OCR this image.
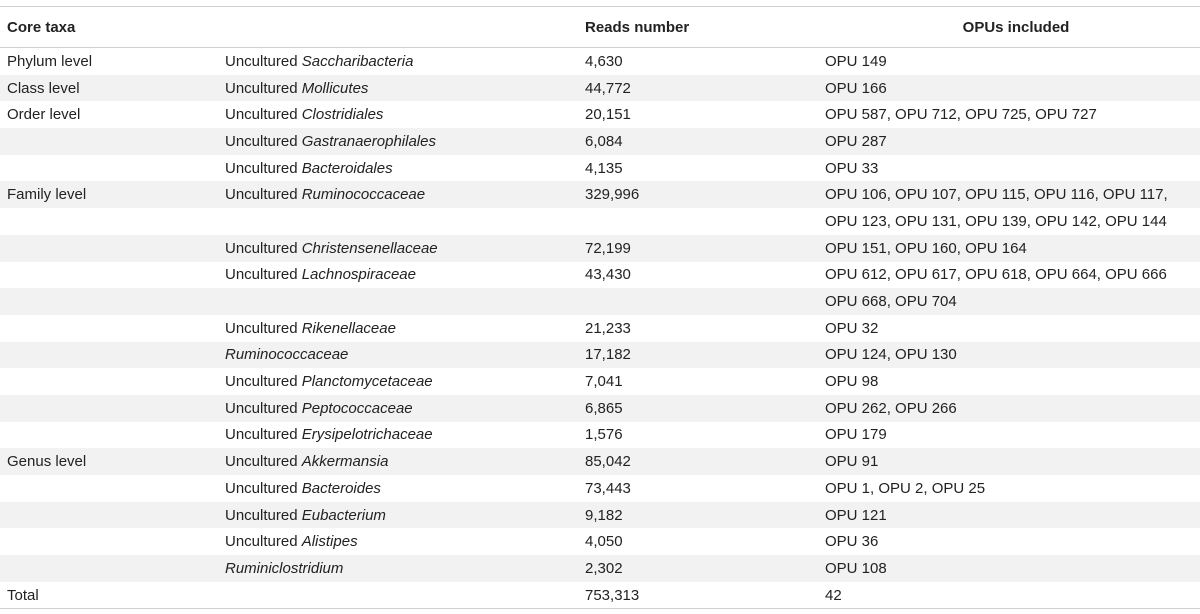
Core taxa		Reads number	OPUs included
Phylum level	Uncultured Saccharibacteria	4,630	OPU 149
Class level	Uncultured Mollicutes	44,772	OPU 166
Order level	Uncultured Clostridiales	20,151	OPU 587, OPU 712, OPU 725, OPU 727
	Uncultured Gastranaerophilales	6,084	OPU 287
	Uncultured Bacteroidales	4,135	OPU 33
Family level	Uncultured Ruminococcaceae	329,996	OPU 106, OPU 107, OPU 115, OPU 116, OPU 117,
			OPU 123, OPU 131, OPU 139, OPU 142, OPU 144
	Uncultured Christensenellaceae	72,199	OPU 151, OPU 160, OPU 164
	Uncultured Lachnospiraceae	43,430	OPU 612, OPU 617, OPU 618, OPU 664, OPU 666
			OPU 668, OPU 704
	Uncultured Rikenellaceae	21,233	OPU 32
	Ruminococcaceae	17,182	OPU 124, OPU 130
	Uncultured Planctomycetaceae	7,041	OPU 98
	Uncultured Peptococcaceae	6,865	OPU 262, OPU 266
	Uncultured Erysipelotrichaceae	1,576	OPU 179
Genus level	Uncultured Akkermansia	85,042	OPU 91
	Uncultured Bacteroides	73,443	OPU 1, OPU 2, OPU 25
	Uncultured Eubacterium	9,182	OPU 121
	Uncultured Alistipes	4,050	OPU 36
	Ruminiclostridium	2,302	OPU 108
Total		753,313	42
